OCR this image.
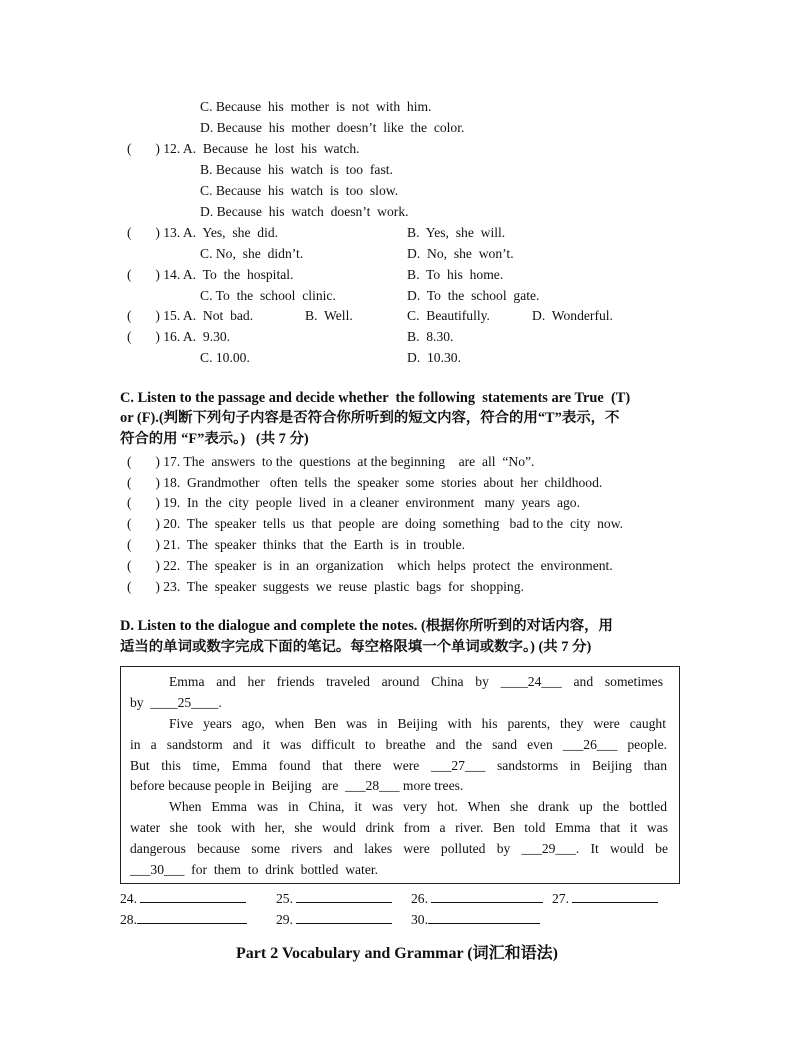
C. Because  his  mother  is  not  with  him.
D. Because  his  mother  doesn’t  like  the  color.
(       ) 12. A.  Because  he  lost  his  watch.
B. Because  his  watch  is  too  fast.
C. Because  his  watch  is  too  slow.
D. Because  his  watch  doesn’t  work.
(       ) 13. A.  Yes,  she  did.	B.  Yes,  she  will.
C. No,  she  didn’t.	D.  No,  she  won’t.
(       ) 14. A.  To  the  hospital.	B.  To  his  home.
C. To  the  school  clinic.	D.  To  the  school  gate.
(       ) 15. A.  Not  bad.	B.  Well.	C.  Beautifully.	D.  Wonderful.
(       ) 16. A.  9.30.	B.  8.30.
C. 10.00.	D.  10.30.
C. Listen to the passage and decide whether  the following  statements are True  (T)
or (F).(判断下列句子内容是否符合你所听到的短文内容，符合的用“T”表示，不
符合的用 “F”表示。)   (共 7 分)
(       ) 17. The  answers  to the  questions  at the beginning    are  all  “No”.
(       ) 18.  Grandmother   often  tells  the  speaker  some  stories  about  her  childhood.
(       ) 19.  In  the  city  people  lived  in  a cleaner  environment   many  years  ago.
(       ) 20.  The  speaker  tells  us  that  people  are  doing  something   bad to the  city  now.
(       ) 21.  The  speaker  thinks  that  the  Earth  is  in  trouble.
(       ) 22.  The  speaker  is  in  an  organization    which  helps  protect  the  environment.
(       ) 23.  The  speaker  suggests  we  reuse  plastic  bags  for  shopping.
D. Listen to the dialogue and complete the notes. (根据你所听到的对话内容，用
适当的单词或数字完成下面的笔记。每空格限填一个单词或数字。) (共 7 分)
Emma and her friends traveled around China by ____24___ and sometimes
by  ____25____.
Five years ago, when Ben was in Beijing with his parents, they were caught
in a sandstorm and it was difficult to breathe and the sand even ___26___ people.
But this time, Emma found that there were ___27___ sandstorms in Beijing than
before because people in  Beijing   are  ___28___ more trees.
When Emma was in China, it was very hot. When she drank up the bottled
water she took with her, she would drink from a river. Ben told Emma that it was
dangerous because some rivers and lakes were polluted by ___29___. It would be
___30___  for  them  to  drink  bottled  water.
24.	25.	26.	27.
28.	29.	30.
Part 2 Vocabulary and Grammar (词汇和语法)
